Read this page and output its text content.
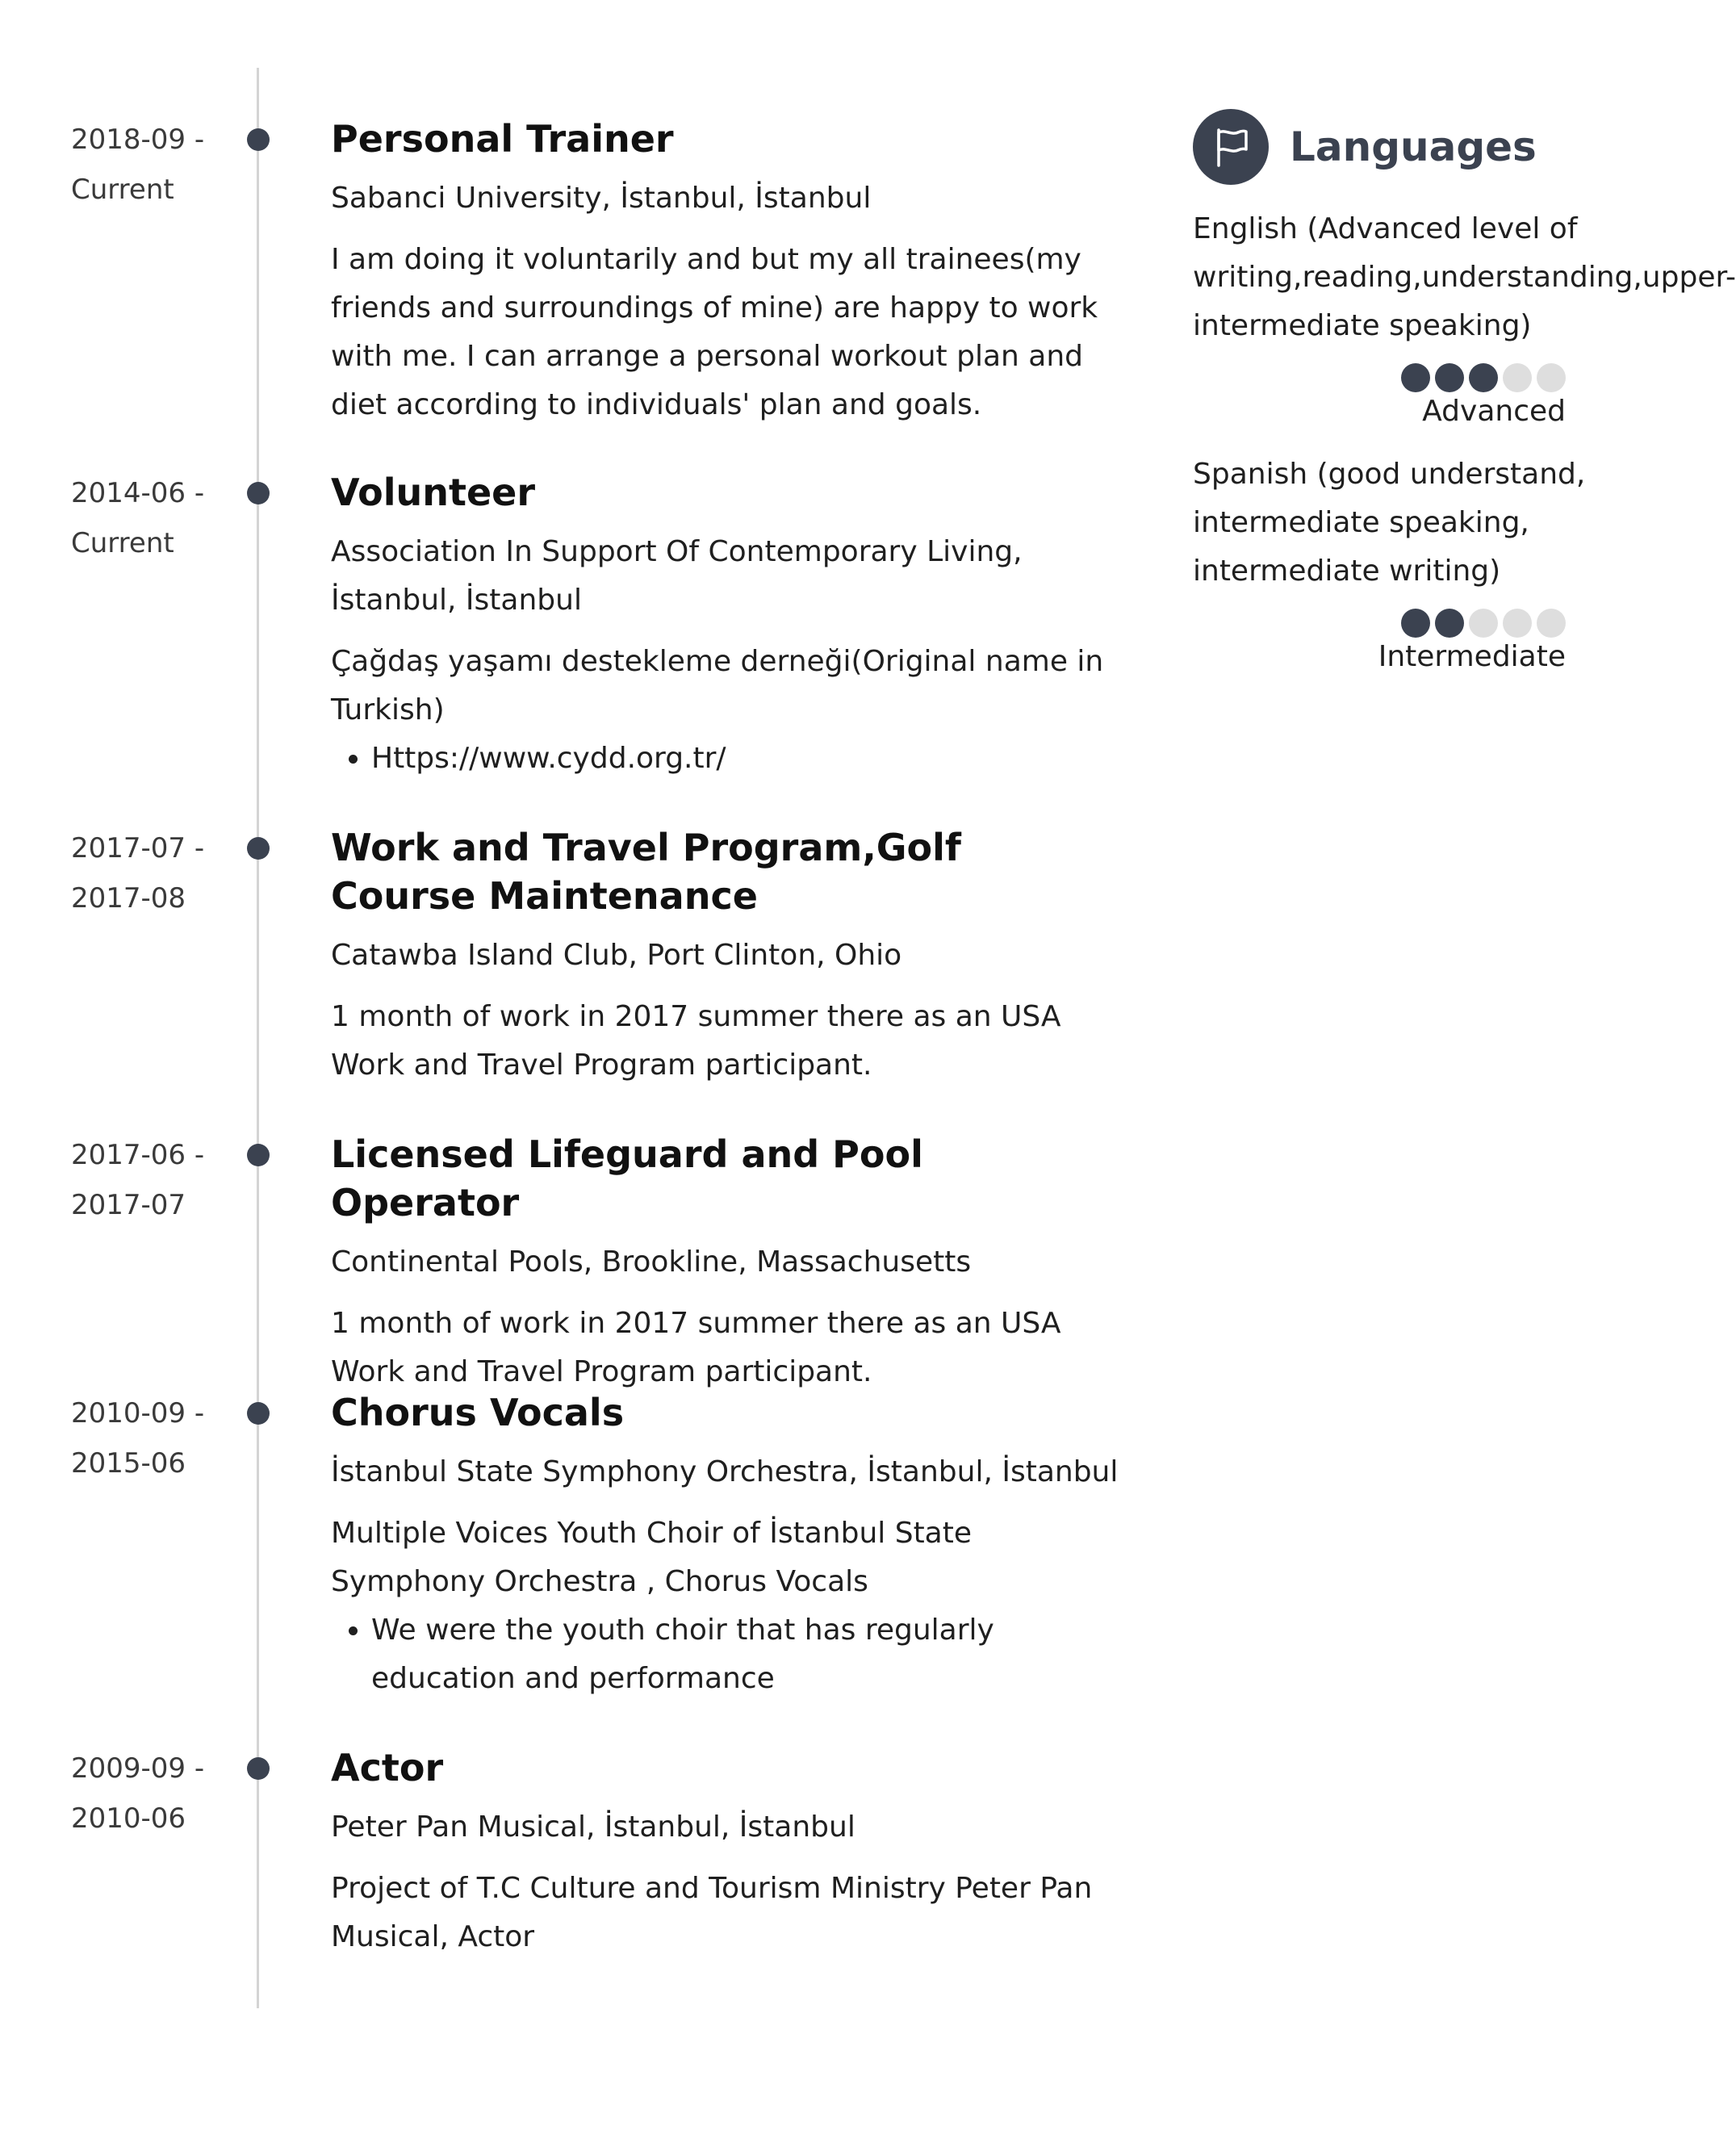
2018-09 -
Current
Personal Trainer
Sabanci University, İstanbul, İstanbul
I am doing it voluntarily and but my all trainees(my friends and surroundings of mine) are happy to work with me. I can arrange a personal workout plan and diet according to individuals' plan and goals.
2014-06 -
Current
Volunteer
Association In Support Of Contemporary Living, İstanbul, İstanbul
Çağdaş yaşamı destekleme derneği(Original name in Turkish)
• Https://www.cydd.org.tr/
2017-07 -
2017-08
Work and Travel Program,Golf Course Maintenance
Catawba Island Club, Port Clinton, Ohio
1 month of work in 2017 summer there as an USA Work and Travel Program participant.
2017-06 -
2017-07
Licensed Lifeguard and Pool Operator
Continental Pools, Brookline, Massachusetts
1 month of work in 2017 summer there as an USA Work and Travel Program participant.
2010-09 -
2015-06
Chorus Vocals
İstanbul State Symphony Orchestra, İstanbul, İstanbul
Multiple Voices Youth Choir of İstanbul State Symphony Orchestra , Chorus Vocals
• We were the youth choir that has regularly education and performance
2009-09 -
2010-06
Actor
Peter Pan Musical, İstanbul, İstanbul
Project of T.C Culture and Tourism Ministry Peter Pan Musical, Actor
Languages
English (Advanced level of writing,reading,understanding,upper-intermediate speaking)
Advanced
Spanish (good understand, intermediate speaking, intermediate writing)
Intermediate
